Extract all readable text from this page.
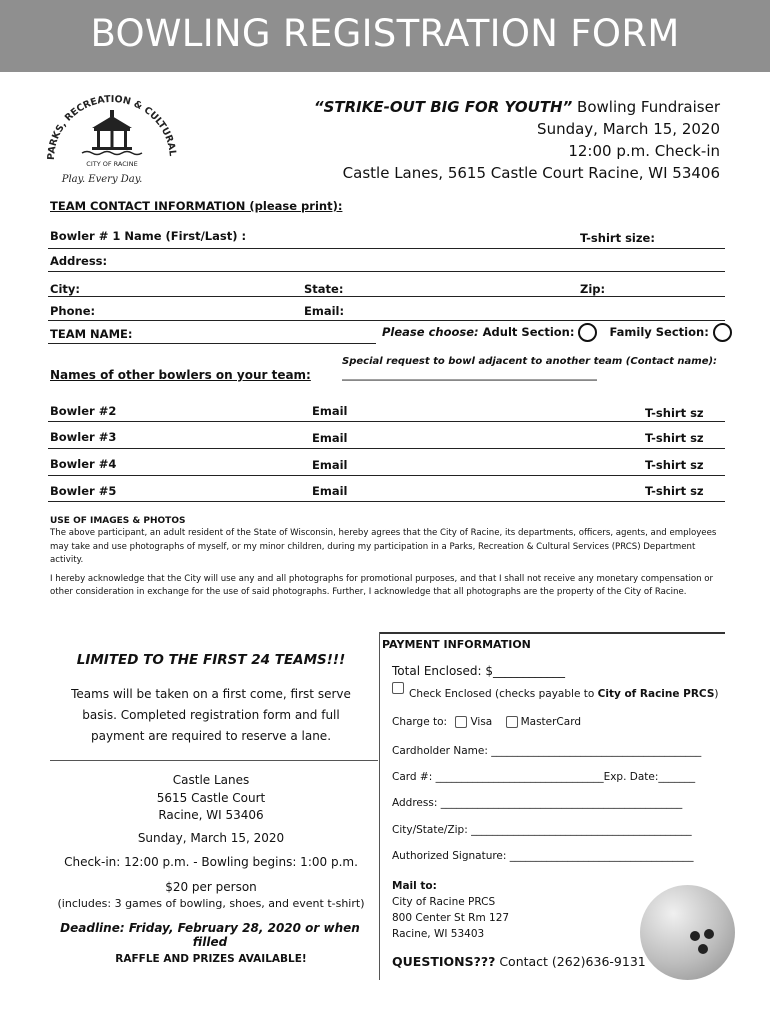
BOWLING REGISTRATION FORM
PARKS, RECREATION & CULTURAL
CITY OF RACINE
Play. Every Day.
“STRIKE-OUT BIG FOR YOUTH” Bowling Fundraiser
Sunday, March 15, 2020
12:00 p.m. Check-in
Castle Lanes, 5615 Castle Court Racine, WI 53406
TEAM CONTACT INFORMATION (please print):
Bowler # 1 Name (First/Last) :	T-shirt size:
Address:
City:	State:	Zip:
Phone:	Email:
TEAM NAME:	Please choose: Adult Section:	Family Section:
Special request to bowl adjacent to another team (Contact name):
___________________________________________________
Names of other bowlers on your team:
Bowler #2	Email	T-shirt sz
Bowler #3	Email	T-shirt sz
Bowler #4	Email	T-shirt sz
Bowler #5	Email	T-shirt sz
USE OF IMAGES & PHOTOS
The above participant, an adult resident of the State of Wisconsin, hereby agrees that the City of Racine, its departments, officers, agents, and employees may take and use photographs of myself, or my minor children, during my participation in a Parks, Recreation & Cultural Services (PRCS) Department activity.
I hereby acknowledge that the City will use any and all photographs for promotional purposes, and that I shall not receive any monetary compensation or other consideration in exchange for the use of said photographs. Further, I acknowledge that all photographs are the property of the City of Racine.
LIMITED TO THE FIRST 24 TEAMS!!!
Teams will be taken on a first come, first serve basis. Completed registration form and full payment are required to reserve a lane.
Castle Lanes
5615 Castle Court
Racine, WI 53406
Sunday, March 15, 2020
Check-in: 12:00 p.m. - Bowling begins: 1:00 p.m.
$20 per person
(includes: 3 games of bowling, shoes, and event t-shirt)
Deadline: Friday, February 28, 2020 or when filled
RAFFLE AND PRIZES AVAILABLE!
PAYMENT INFORMATION
Total Enclosed: $____________
Check Enclosed (checks payable to City of Racine PRCS)
Charge to: Visa	MasterCard
Cardholder Name: ________________________________________
Card #: ________________________________Exp. Date:_______
Address: ______________________________________________
City/State/Zip: __________________________________________
Authorized Signature: ___________________________________
Mail to:
City of Racine PRCS
800 Center St Rm 127
Racine, WI 53403
QUESTIONS??? Contact (262)636-9131
